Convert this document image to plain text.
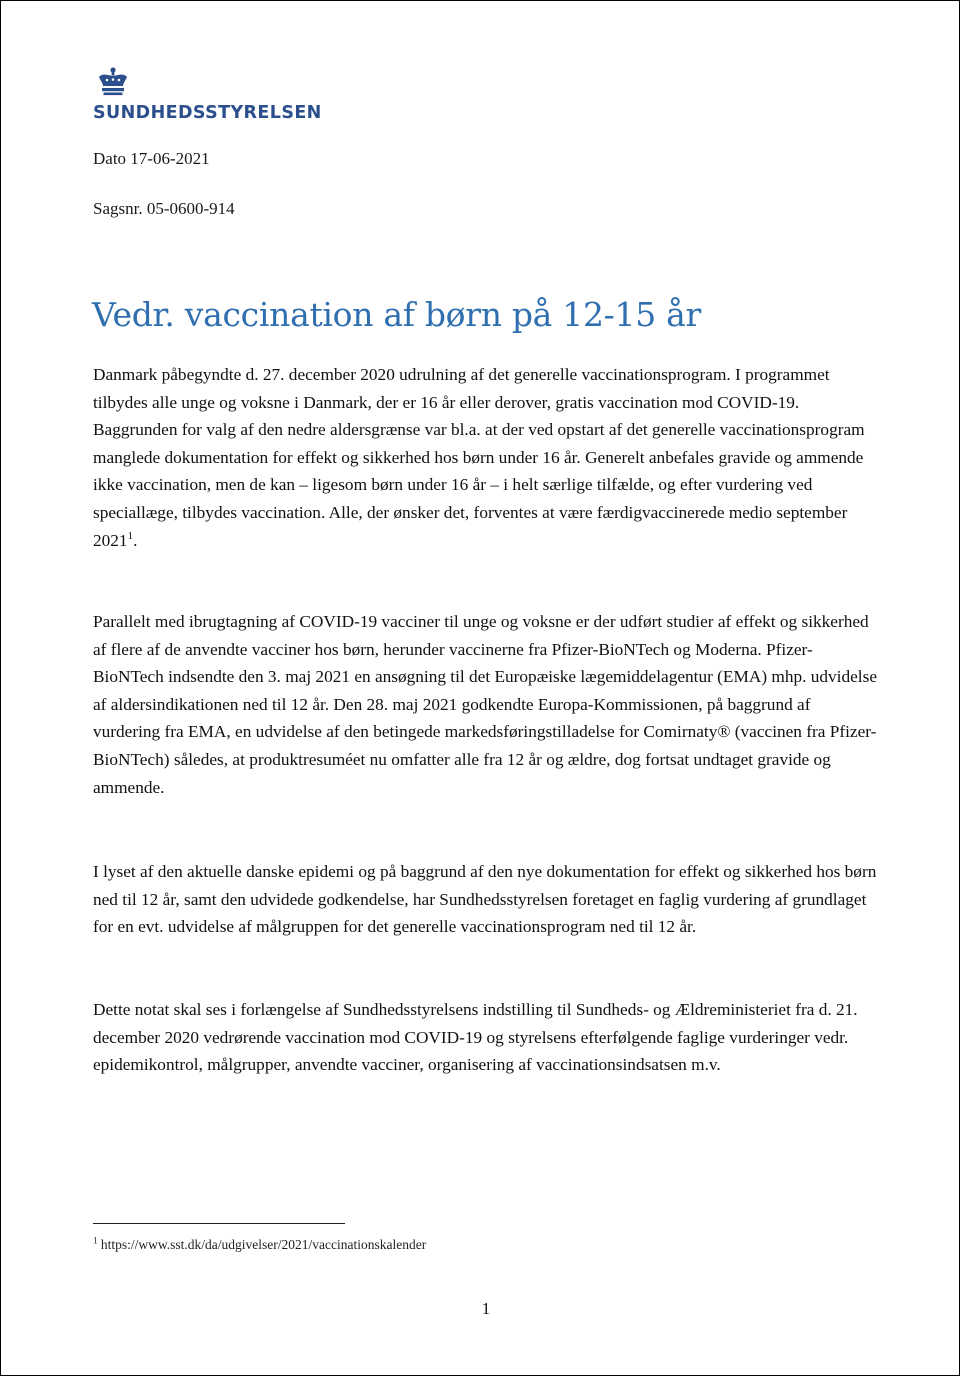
SUNDHEDSSTYRELSEN
Dato 17-06-2021
Sagsnr. 05-0600-914
Vedr. vaccination af børn på 12-15 år

Danmark påbegyndte d. 27. december 2020 udrulning af det generelle vaccinationsprogram. I programmet tilbydes alle unge og voksne i Danmark, der er 16 år eller derover, gratis vaccination mod COVID-19. Baggrunden for valg af den nedre aldersgrænse var bl.a. at der ved opstart af det generelle vaccinationsprogram manglede dokumentation for effekt og sikkerhed hos børn under 16 år. Generelt anbefales gravide og ammende ikke vaccination, men de kan – ligesom børn under 16 år – i helt særlige tilfælde, og efter vurdering ved speciallæge, tilbydes vaccination. Alle, der ønsker det, forventes at være færdigvaccinerede medio september 2021$^1$.

Parallelt med ibrugtagning af COVID-19 vacciner til unge og voksne er der udført studier af effekt og sikkerhed af flere af de anvendte vacciner hos børn, herunder vaccinerne fra Pfizer-BioNTech og Moderna. Pfizer-BioNTech indsendte den 3. maj 2021 en ansøgning til det Europæiske lægemiddelagentur (EMA) mhp. udvidelse af aldersindikationen ned til 12 år. Den 28. maj 2021 godkendte Europa-Kommissionen, på baggrund af vurdering fra EMA, en udvidelse af den betingede markedsføringstilladelse for Comirnaty® (vaccinen fra Pfizer-BioNTech) således, at produktresuméet nu omfatter alle fra 12 år og ældre, dog fortsat undtaget gravide og ammende.

I lyset af den aktuelle danske epidemi og på baggrund af den nye dokumentation for effekt og sikkerhed hos børn ned til 12 år, samt den udvidede godkendelse, har Sundhedsstyrelsen foretaget en faglig vurdering af grundlaget for en evt. udvidelse af målgruppen for det generelle vaccinationsprogram ned til 12 år.

Dette notat skal ses i forlængelse af Sundhedsstyrelsens indstilling til Sundheds- og Ældreministeriet fra d. 21. december 2020 vedrørende vaccination mod COVID-19 og styrelsens efterfølgende faglige vurderinger vedr. epidemikontrol, målgrupper, anvendte vacciner, organisering af vaccinationsindsatsen m.v.

$^1$ https://www.sst.dk/da/udgivelser/2021/vaccinationskalender
1
